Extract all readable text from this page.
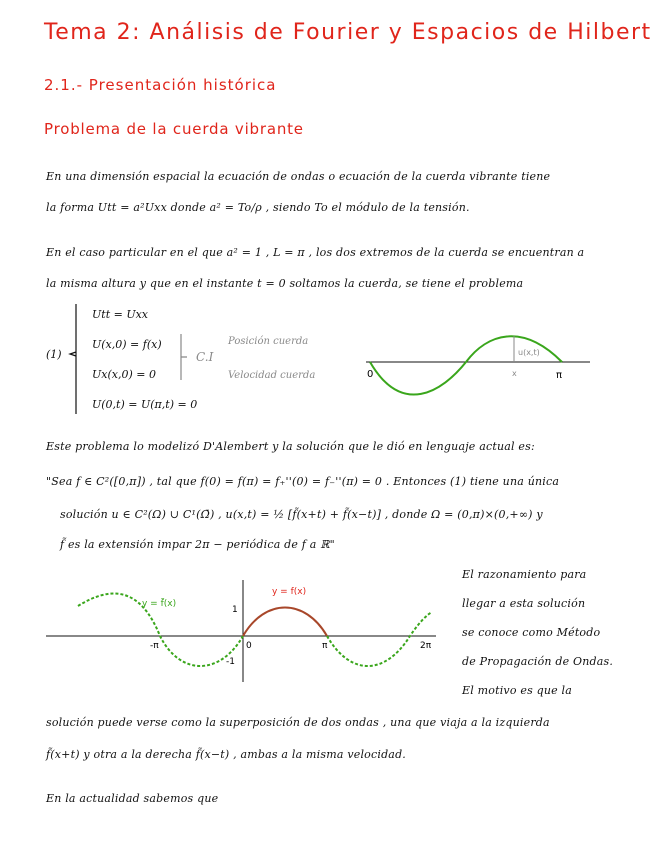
Tema 2: Análisis de Fourier y Espacios de Hilbert
2.1.- Presentación histórica
Problema de la cuerda vibrante
En una dimensión espacial la ecuación de ondas o ecuación de la cuerda vibrante tiene
la forma Utt = a²Uxx donde a² = To/ρ , siendo To el módulo de la tensión.
En el caso particular en el que a² = 1 , L = π , los dos extremos de la cuerda se encuentran a
la misma altura y que en el instante t = 0 soltamos la cuerda, se tiene el problema
(1)
Utt = Uxx
U(x,0) = f(x)
Ux(x,0) = 0
U(0,t) = U(π,t) = 0
C.I
Posición cuerda
Velocidad cuerda
u(x,t)
0	x	π
Este problema lo modelizó D'Alembert y la solución que le dió en lenguaje actual es:
"Sea f ∈ C²([0,π]) , tal que f(0) = f(π) = f₊''(0) = f₋''(π) = 0 . Entonces (1) tiene una única
solución u ∈ C²(Ω) ∪ C¹(Ω̄) , u(x,t) = ½ [f̃(x+t) + f̃(x−t)] , donde Ω = (0,π)×(0,+∞) y
f̃ es la extensión impar 2π − periódica de f a ℝ"
y = f̃(x)
y = f(x)
1
-1
-π	0	π	2π
El razonamiento para
llegar a esta solución
se conoce como Método
de Propagación de Ondas.
El motivo es que la
solución puede verse como la superposición de dos ondas , una que viaja a la izquierda
f̃(x+t) y otra a la derecha f̃(x−t) , ambas a la misma velocidad.
En la actualidad sabemos que
